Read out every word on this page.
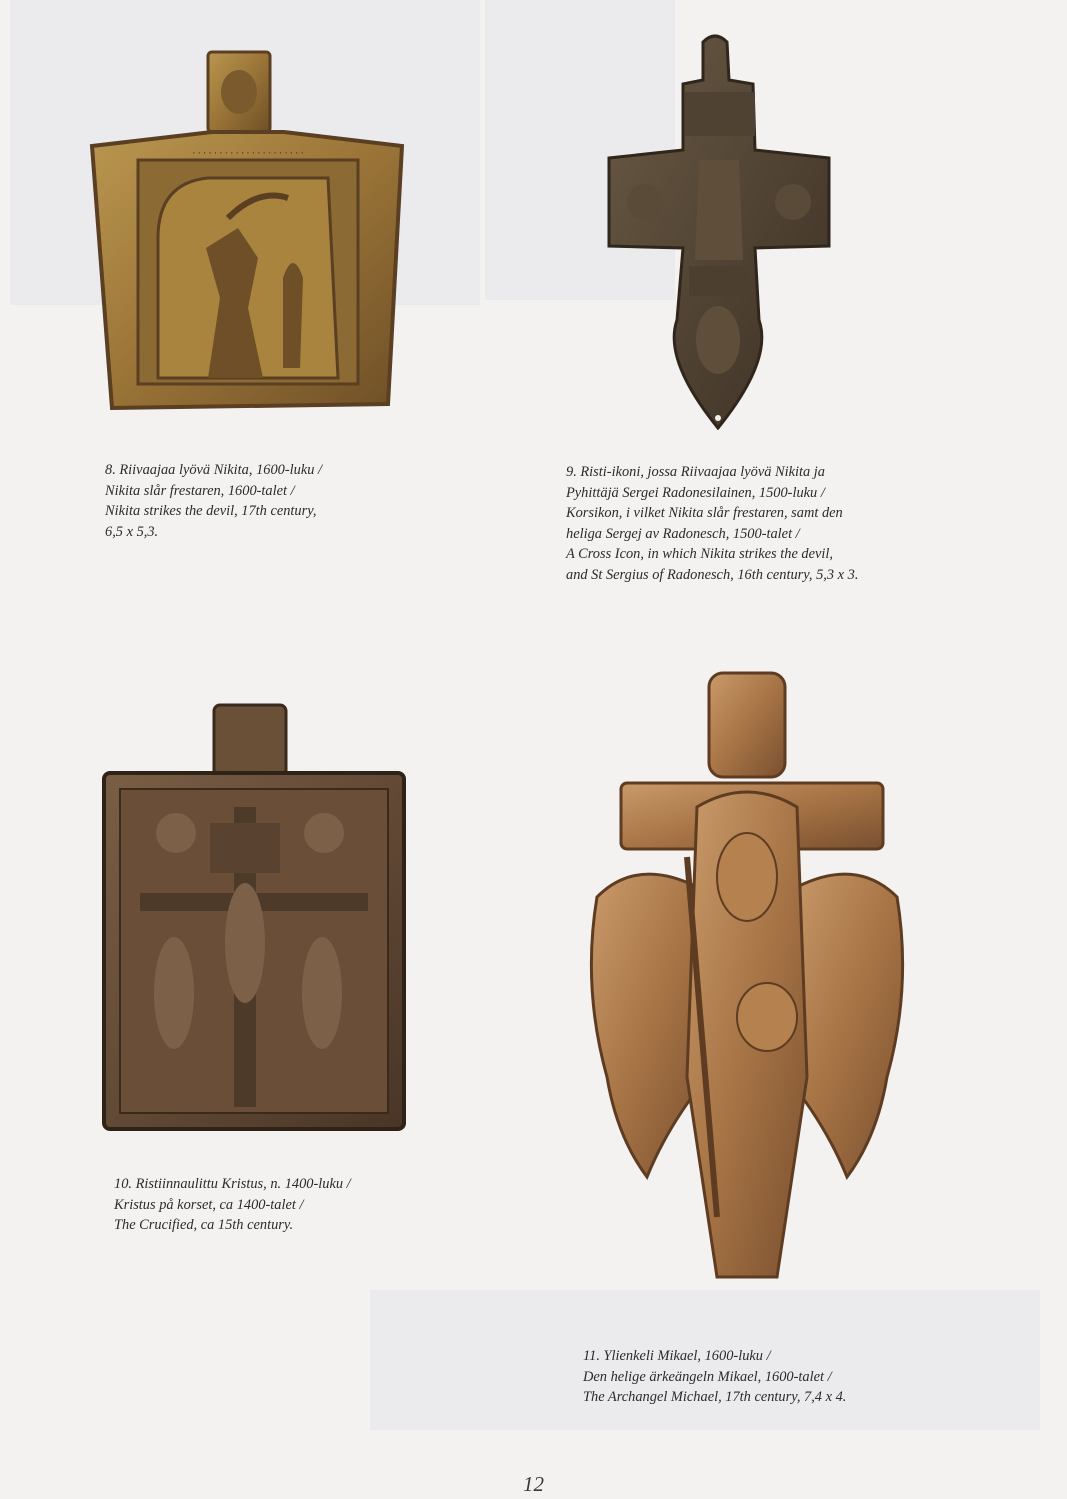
·····················
8. Riivaajaa lyövä Nikita, 1600-luku /
Nikita slår frestaren, 1600-talet /
Nikita strikes the devil, 17th century,
6,5 x 5,3.
9. Risti-ikoni, jossa Riivaajaa lyövä Nikita ja
Pyhittäjä Sergei Radonesilainen, 1500-luku /
Korsikon, i vilket Nikita slår frestaren, samt den
heliga Sergej av Radonesch, 1500-talet /
A Cross Icon, in which Nikita strikes the devil,
and St Sergius of Radonesch, 16th century, 5,3 x 3.
10. Ristiinnaulittu Kristus, n. 1400-luku /
Kristus på korset, ca 1400-talet /
The Crucified, ca 15th century.
11. Ylienkeli Mikael, 1600-luku /
Den helige ärkeängeln Mikael, 1600-talet /
The Archangel Michael, 17th century, 7,4 x 4.
12
